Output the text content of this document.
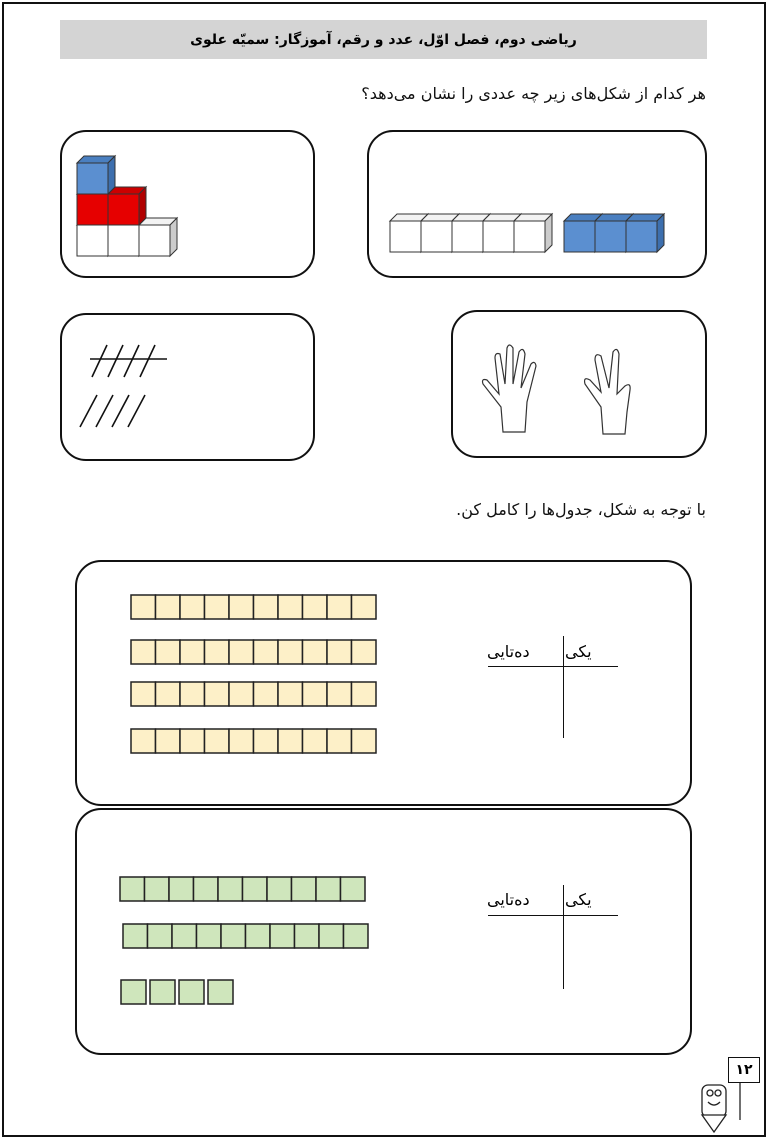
ریاضی دوم، فصل اوّل، عدد و رقم، آموزگار: سمیّه علوی
هر کدام از شکل‌های زیر چه عددی را نشان می‌دهد؟
با توجه به شکل، جدول‌ها را کامل کن.
یکی
ده‌تایی
یکی
ده‌تایی
۱۲
